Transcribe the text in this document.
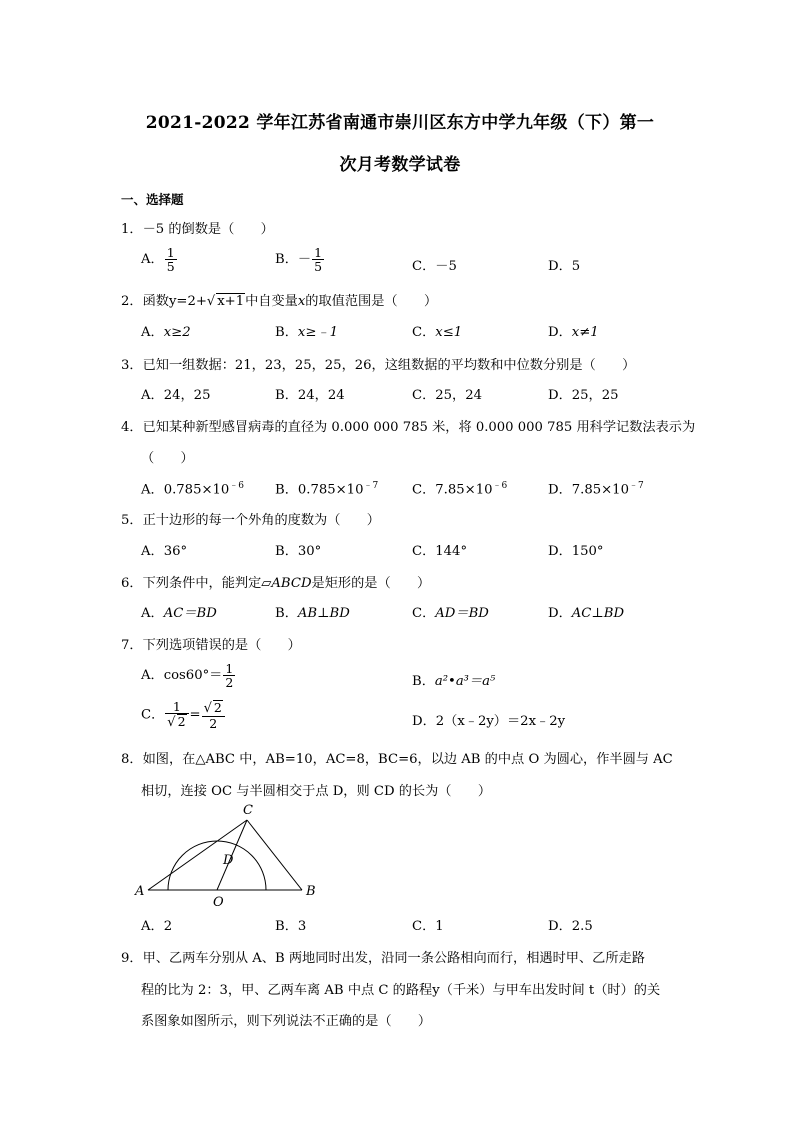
2021-2022 学年江苏省南通市崇川区东方中学九年级（下）第一
次月考数学试卷
一、选择题
1．－5 的倒数是（　　）
A． $\frac{1}{5}$	B．－ $\frac{1}{5}$	C．－5	D．5
2．函数y=2+√ x+1中自变量x的取值范围是（　　）
A．x≥2	B．x≥﹣1	C．x≤1	D．x≠1
3．已知一组数据：21，23，25，25，26，这组数据的平均数和中位数分别是（　　）
A．24，25	B．24，24	C．25，24	D．25，25
4．已知某种新型感冒病毒的直径为 0.000 000 785 米，将 0.000 000 785 用科学记数法表示为
（　　）
A．$0.785\times 10^{﹣6}$ B．$0.785\times 10^{﹣7}$	C．$7.85\times 10^{﹣6}$	D．$7.85\times 10^{﹣7}$
5．正十边形的每一个外角的度数为（　　）
A．36°	B．30°	C．144°	D．150°
6．下列条件中，能判定▱ABCD是矩形的是（　　）
A．AC＝BD	B．AB⊥BD	C．AD＝BD	D．AC⊥BD
7．下列选项错误的是（　　）
A．$\cos 60^\circ= \frac{1}{2}$	B．a²•a³＝a⁵
C． $\frac{1}{√ 2} = \frac{√ 2}{2}$	D．2（x﹣2y）＝2x﹣2y
8．如图，在△ABC 中，AB=10，AC=8，BC=6，以边 AB 的中点 O 为圆心，作半圆与 AC
相切，连接 OC 与半圆相交于点 D，则 CD 的长为（　　）
A	B
C
D
O
A．2	B．3	C．1	D．2.5
9．甲、乙两车分别从 A、B 两地同时出发，沿同一条公路相向而行，相遇时甲、乙所走路
程的比为 2：3，甲、乙两车离 AB 中点 C 的路程y（千米）与甲车出发时间 t（时）的关
系图象如图所示，则下列说法不正确的是（　　）
